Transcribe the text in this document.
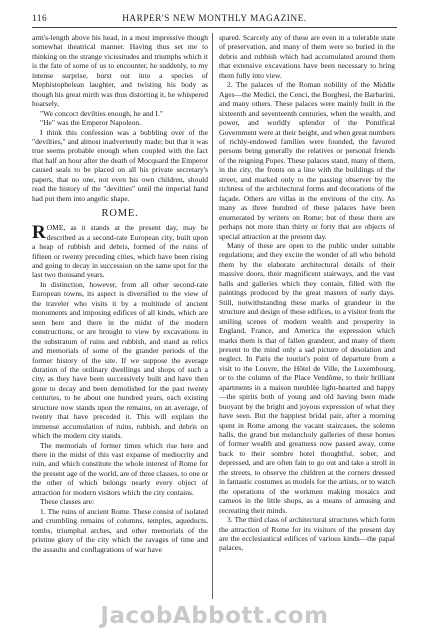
116	HARPER'S NEW MONTHLY MAGAZINE.

arm's-length above his head, in a most impressive though somewhat theatrical manner. Having thus set me to thinking on the strange vicissitudes and triumphs which it is the fate of some of us to encounter, he suddenly, to my intense surprise, burst out into a species of Mephistophelean laughter, and twisting his body as though his great mirth was thus distorting it, he whispered hoarsely,

"We concoct devilties enough, he and I."

"He" was the Emperor Napoleon.

I think this confession was a bubbling over of the "devilties," and almost inadvertently made; but that it was true seems probable enough when coupled with the fact that half an hour after the death of Mocquard the Emperor caused seals to be placed on all his private secretary's papers, that no one, not even his own children, should read the history of the "devilties" until the imperial hand had put them into angelic shape.

ROME.

ROME, as it stands at the present day, may be described as a second-rate European city, built upon a heap of rubbish and debris, formed of the ruins of fifteen or twenty preceding cities, which have been rising and going to decay in succession on the same spot for the last two thousand years.

In distinction, however, from all other second-rate European towns, its aspect is diversified to the view of the traveler who visits it by a multitude of ancient monuments and imposing edifices of all kinds, which are seen here and there in the midst of the modern constructions, or are brought to view by excavations in the substratum of ruins and rubbish, and stand as relics and memorials of some of the grander periods of the former history of the site. If we suppose the average duration of the ordinary dwellings and shops of such a city, as they have been successively built and have then gone to decay and been demolished for the past twenty centuries, to be about one hundred years, each existing structure now stands upon the remains, on an average, of twenty that have preceded it. This will explain the immense accumulation of ruins, rubbish, and debris on which the modern city stands.

The memorials of former times which rise here and there in the midst of this vast expanse of mediocrity and ruin, and which constitute the whole interest of Rome for the present age of the world, are of three classes, to one or the other of which belongs nearly every object of attraction for modern visitors which the city contains.

These classes are:

1. The ruins of ancient Rome. These consist of isolated and crumbling remains of columns, temples, aqueducts, tombs, triumphal arches, and other memorials of the pristine glory of the city which the ravages of time and the assaults and conflagrations of war have

spared. Scarcely any of these are even in a tolerable state of preservation, and many of them were so buried in the debris and rubbish which had accumulated around them that extensive excavations have been necessary to bring them fully into view.

2. The palaces of the Roman nobility of the Middle Ages—the Medici, the Cenci, the Borghesi, the Barbarini, and many others. These palaces were mainly built in the sixteenth and seventeenth centuries, when the wealth, and power, and worldly splendor of the Pontifical Government were at their height, and when great numbers of richly-endowed families were founded, the favored persons being generally the relatives or personal friends of the reigning Popes. These palaces stand, many of them, in the city, the fronts on a line with the buildings of the street, and marked only to the passing observer by the richness of the architectural forms and decorations of the façade. Others are villas in the environs of the city. As many as three hundred of these palaces have been enumerated by writers on Rome; but of these there are perhaps not more than thirty or forty that are objects of special attraction at the present day.

Many of these are open to the public under suitable regulations; and they excite the wonder of all who behold them by the elaborate architectural details of their massive doors, their magnificent stairways, and the vast halls and galleries which they contain, filled with the paintings produced by the great masters of early days. Still, notwithstanding these marks of grandeur in the structure and design of these edifices, to a visitor from the smiling scenes of modern wealth and prosperity in England, France, and America the expression which marks them is that of fallen grandeur, and many of them present to the mind only a sad picture of desolation and neglect. In Paris the tourist's point of departure from a visit to the Louvre, the Hôtel de Ville, the Luxembourg, or to the column of the Place Vendôme, to their brilliant apartments in a maison meublée light-hearted and happy—the spirits both of young and old having been made buoyant by the bright and joyous expression of what they have seen. But the happiest bridal pair, after a morning spent in Rome among the vacant staircases, the solemn halls, the grand but melancholy galleries of these homes of former wealth and greatness now passed away, come back to their sombre hotel thoughtful, sober, and depressed, and are often fain to go out and take a stroll in the streets, to observe the children at the corners dressed in fantastic costumes as models for the artists, or to watch the operations of the workmen making mosaics and cameos in the little shops, as a means of amusing and recreating their minds.

3. The third class of architectural structures which form the attraction of Rome for its visitors of the present day are the ecclesiastical edifices of various kinds—the papal palaces,

JacobAbbott.com
